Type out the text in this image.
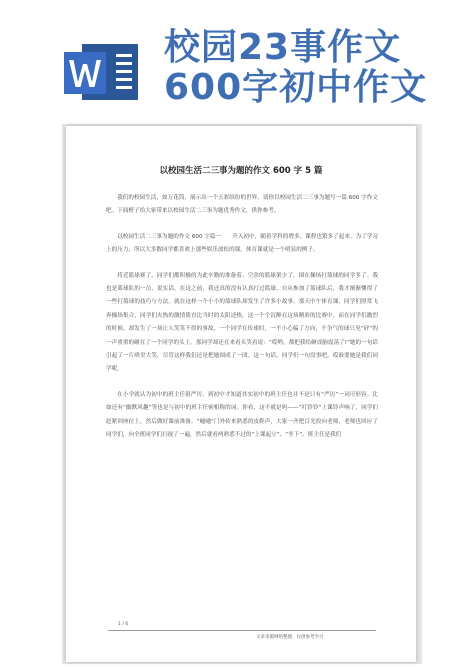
校园23事作文600字初中作文
以校园生活二三事为题的作文 600 字 5 篇

我们的校园生活，如万花筒，展示出一个五彩缤纷的世界。请你以校园生活二三事为题写一篇 600 字作文吧。下面橙子给大家带来以校园生活二三事为题优秀作文，供你参考。

以校园生活二三事为题的作文 600 字篇一　　升入初中，随着学科的增多，课程也繁多了起来。为了学习上的压力，所以大多数同学都喜欢上那些娱乐放松的课。体育课就是一个明显的例子。

将近篮球赛了，同学们都积极的为此辛勤的准备着。空余的篮球架少了，围在操场打篮球的同学多了。我也是篮球队的一员，说实话，在这之前，我还真的没有认真打过篮球。自从参加了篮球队后，我才渐渐懂得了一些打篮球的技巧与方法。就在这样一个小小的篮球队却发生了许多小故事。那天中午体育课，同学们照常飞奔操场集合，同学们火热的激情简直比当时的太阳还热，这一个个沉醉在这场精彩的比赛中。而在同学们激烈的时候，却发生了一场让人笑笑不得的事故，一个同学在传球时，一不小心偏了方向，不争气的球只见“砰”的一声重重的砸在了一个同学的头上，那同学却还在来看头笑看说：“哎哟，都把我给砸成脑震荡了!”她的一句话引起了一片哄堂大笑。尽管这样我们还是把她围成了一团。这一句话，同学们一句没事吧。哎谁要她是我们同学呢。

在小学就认为初中的班主任很严厉，到初中才知道其实初中的班主任也并不是只有“严厉”一词可形容。比如还有“幽默风趣”等也是与初中的班主任密相称的词。你看，这不就是吗——“叮铃铃”上课铃声响了，同学们赶紧回座位上，然后做好课前准备。“嗵嗵”门外传来熟悉的皮鞋声，大家一齐把目光投向老师，老师也回应了同学们，向全班同学们扫视了一遍，然后就看两熟悉不过的“上课起立”、“坐下”。班主任是我们

1 / 6
文章来源网络整理，仅供参考学习
